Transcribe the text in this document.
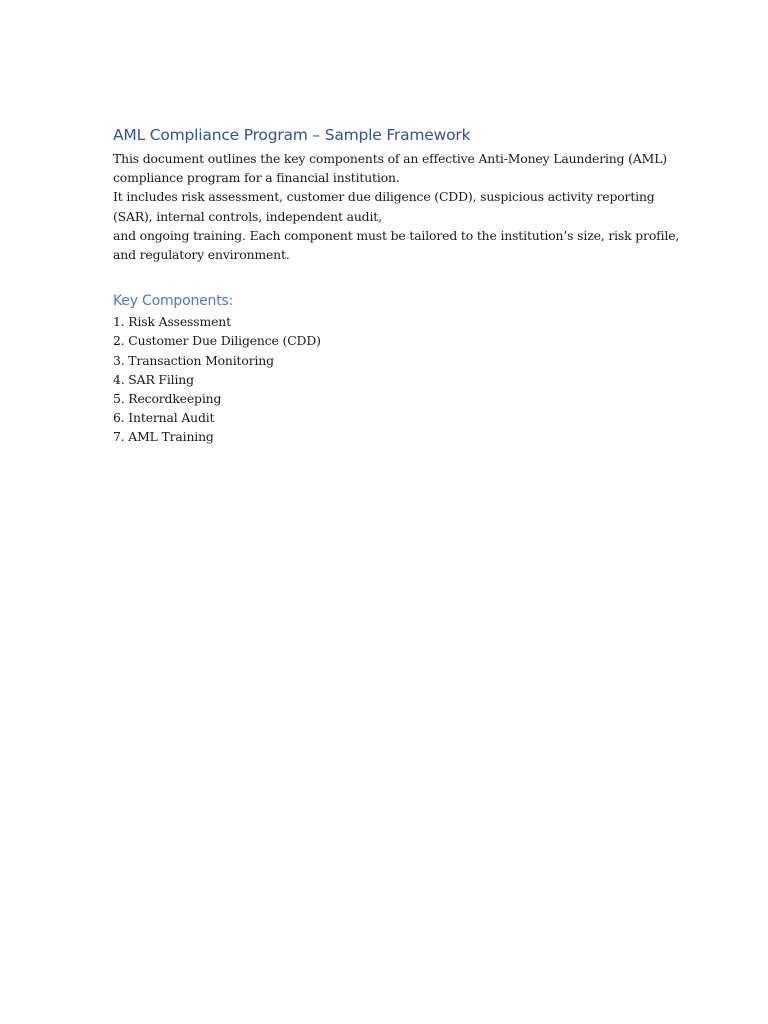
AML Compliance Program – Sample Framework

This document outlines the key components of an effective Anti-Money Laundering (AML)
compliance program for a financial institution.
It includes risk assessment, customer due diligence (CDD), suspicious activity reporting
(SAR), internal controls, independent audit,
and ongoing training. Each component must be tailored to the institution’s size, risk profile,
and regulatory environment.

Key Components:
1. Risk Assessment
2. Customer Due Diligence (CDD)
3. Transaction Monitoring
4. SAR Filing
5. Recordkeeping
6. Internal Audit
7. AML Training
